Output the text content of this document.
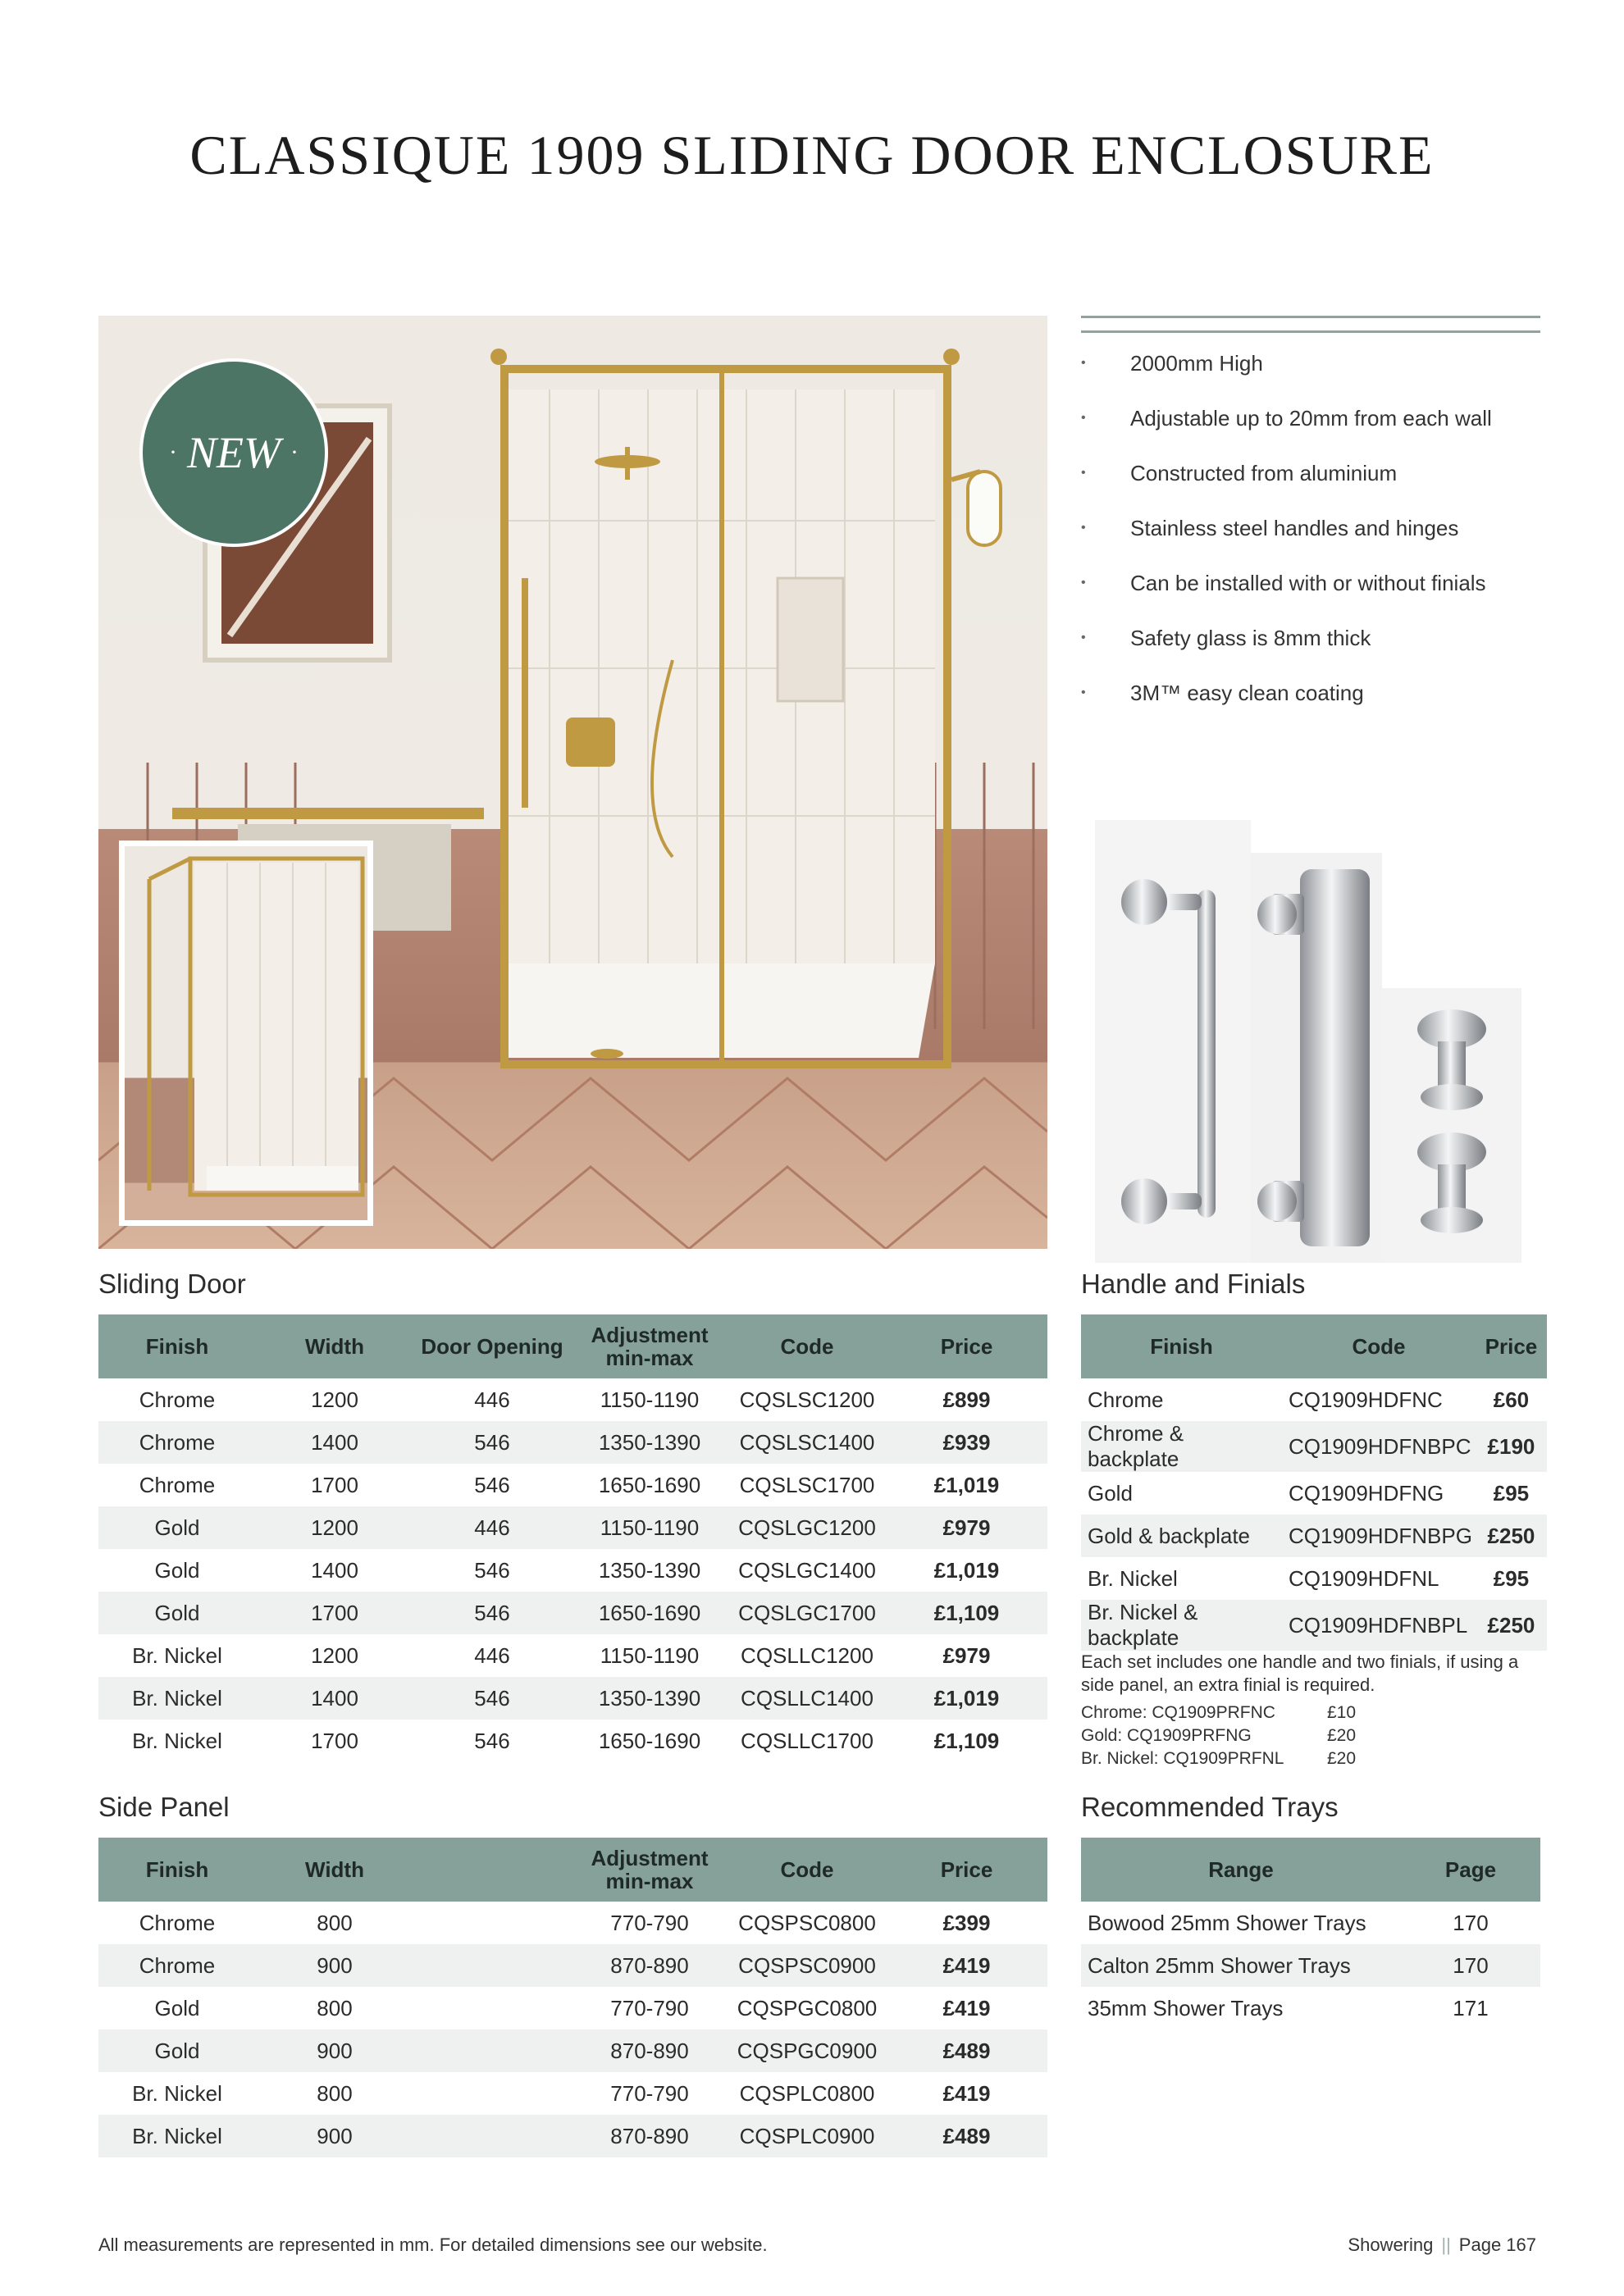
CLASSIQUE 1909 SLIDING DOOR ENCLOSURE
· NEW ·
• 2000mm High
• Adjustable up to 20mm from each wall
• Constructed from aluminium
• Stainless steel handles and hinges
• Can be installed with or without finials
• Safety glass is 8mm thick
• 3M™ easy clean coating
Sliding Door
Finish	Width	Door Opening	Adjustment min-max	Code	Price
Chrome	1200	446	1150-1190	CQSLSC1200	£899
Chrome	1400	546	1350-1390	CQSLSC1400	£939
Chrome	1700	546	1650-1690	CQSLSC1700	£1,019
Gold	1200	446	1150-1190	CQSLGC1200	£979
Gold	1400	546	1350-1390	CQSLGC1400	£1,019
Gold	1700	546	1650-1690	CQSLGC1700	£1,109
Br. Nickel	1200	446	1150-1190	CQSLLC1200	£979
Br. Nickel	1400	546	1350-1390	CQSLLC1400	£1,019
Br. Nickel	1700	546	1650-1690	CQSLLC1700	£1,109
Side Panel
Finish	Width		Adjustment min-max	Code	Price
Chrome	800		770-790	CQSPSC0800	£399
Chrome	900		870-890	CQSPSC0900	£419
Gold	800		770-790	CQSPGC0800	£419
Gold	900		870-890	CQSPGC0900	£489
Br. Nickel	800		770-790	CQSPLC0800	£419
Br. Nickel	900		870-890	CQSPLC0900	£489
Handle and Finials
Finish	Code	Price
Chrome	CQ1909HDFNC	£60
Chrome & backplate	CQ1909HDFNBPC	£190
Gold	CQ1909HDFNG	£95
Gold & backplate	CQ1909HDFNBPG	£250
Br. Nickel	CQ1909HDFNL	£95
Br. Nickel & backplate	CQ1909HDFNBPL	£250
Each set includes one handle and two finials, if using a side panel, an extra finial is required.
Chrome: CQ1909PRFNC	£10
Gold: CQ1909PRFNG	£20
Br. Nickel: CQ1909PRFNL	£20
Recommended Trays
Range	Page
Bowood 25mm Shower Trays	170
Calton 25mm Shower Trays	170
35mm Shower Trays	171
All measurements are represented in mm. For detailed dimensions see our website.	Showering || Page 167
